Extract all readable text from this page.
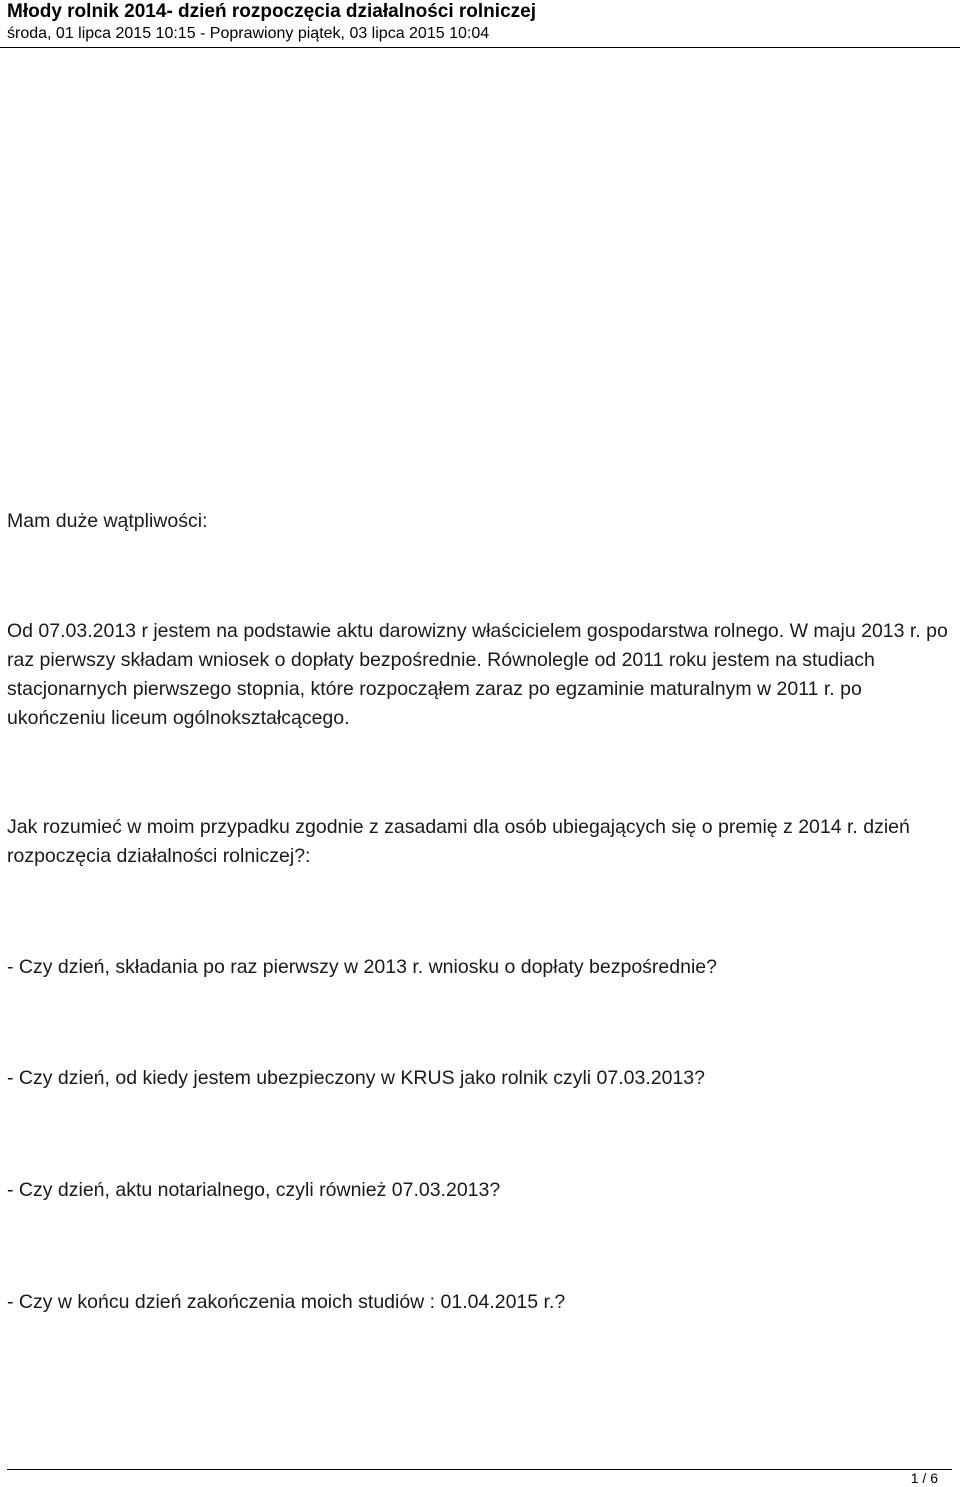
Młody rolnik 2014- dzień rozpoczęcia działalności rolniczej
środa, 01 lipca 2015 10:15 - Poprawiony piątek, 03 lipca 2015 10:04
Mam duże wątpliwości:
Od 07.03.2013 r jestem na podstawie aktu darowizny właścicielem gospodarstwa rolnego. W maju 2013 r. po raz pierwszy składam wniosek o dopłaty bezpośrednie. Równolegle od 2011 roku jestem na studiach stacjonarnych pierwszego stopnia, które rozpocząłem zaraz po egzaminie maturalnym w 2011 r. po ukończeniu liceum ogólnokształcącego.
Jak rozumieć w moim przypadku zgodnie z zasadami dla osób ubiegających się o premię z 2014 r. dzień rozpoczęcia działalności rolniczej?:
- Czy dzień, składania po raz pierwszy w 2013 r. wniosku o dopłaty bezpośrednie?
- Czy dzień, od kiedy jestem ubezpieczony w KRUS jako rolnik czyli 07.03.2013?
- Czy dzień, aktu notarialnego, czyli również 07.03.2013?
- Czy w końcu dzień zakończenia moich studiów : 01.04.2015 r.?
1 / 6
